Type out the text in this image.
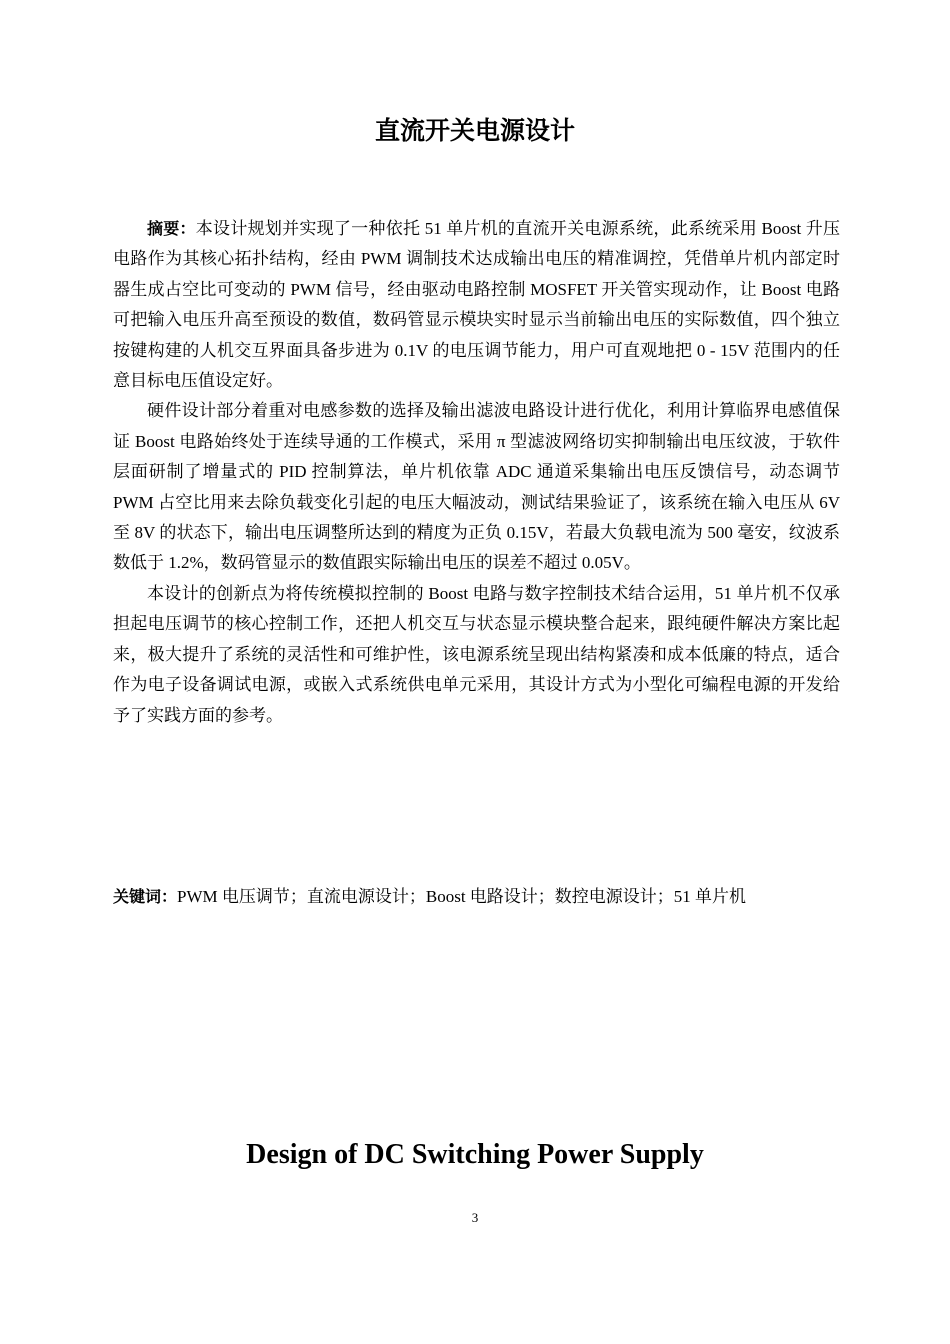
直流开关电源设计

摘要：本设计规划并实现了一种依托 51 单片机的直流开关电源系统，此系统采用 Boost 升压电路作为其核心拓扑结构，经由 PWM 调制技术达成输出电压的精准调控，凭借单片机内部定时器生成占空比可变动的 PWM 信号，经由驱动电路控制 MOSFET 开关管实现动作，让 Boost 电路可把输入电压升高至预设的数值，数码管显示模块实时显示当前输出电压的实际数值，四个独立按键构建的人机交互界面具备步进为 0.1V 的电压调节能力，用户可直观地把 0 - 15V 范围内的任意目标电压值设定好。

硬件设计部分着重对电感参数的选择及输出滤波电路设计进行优化，利用计算临界电感值保证 Boost 电路始终处于连续导通的工作模式，采用 π 型滤波网络切实抑制输出电压纹波，于软件层面研制了增量式的 PID 控制算法，单片机依靠 ADC 通道采集输出电压反馈信号，动态调节 PWM 占空比用来去除负载变化引起的电压大幅波动，测试结果验证了，该系统在输入电压从 6V 至 8V 的状态下，输出电压调整所达到的精度为正负 0.15V，若最大负载电流为 500 毫安，纹波系数低于 1.2%，数码管显示的数值跟实际输出电压的误差不超过 0.05V。

本设计的创新点为将传统模拟控制的 Boost 电路与数字控制技术结合运用，51 单片机不仅承担起电压调节的核心控制工作，还把人机交互与状态显示模块整合起来，跟纯硬件解决方案比起来，极大提升了系统的灵活性和可维护性，该电源系统呈现出结构紧凑和成本低廉的特点，适合作为电子设备调试电源，或嵌入式系统供电单元采用，其设计方式为小型化可编程电源的开发给予了实践方面的参考。

关键词：PWM 电压调节；直流电源设计；Boost 电路设计；数控电源设计；51 单片机

Design of DC Switching Power Supply
3
